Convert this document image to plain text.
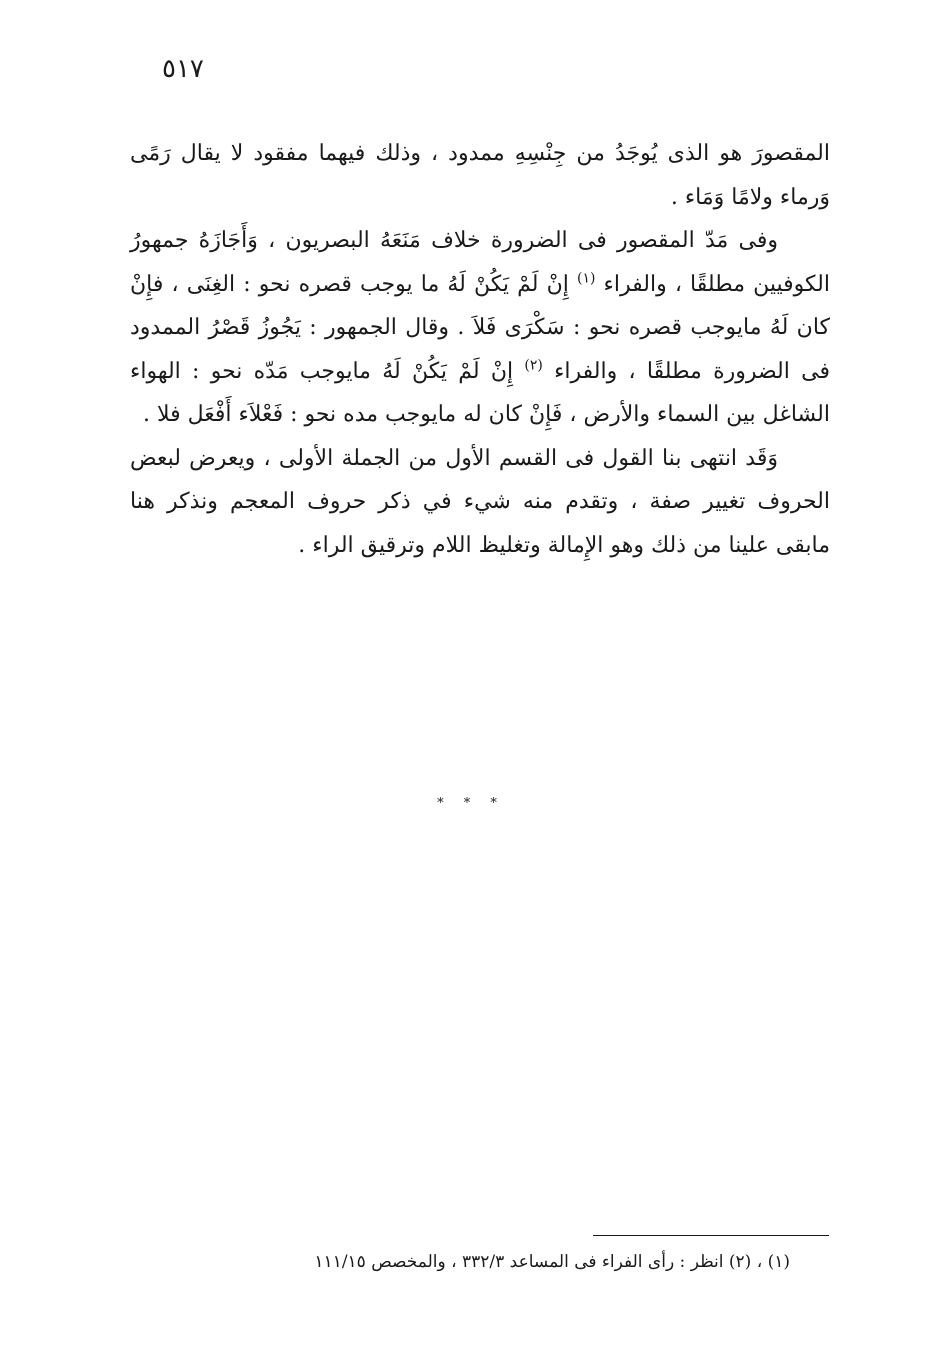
٥١٧

المقصورَ هو الذى يُوجَدُ من جِنْسِهِ ممدود ، وذلك فيهما مفقود لا يقال رَمًى وَرماء ولامًا وَمَاء .

وفى مَدّ المقصور فى الضرورة خلاف مَنَعَهُ البصريون ، وَأَجَازَهُ جمهورُ الكوفيين مطلقًا ، والفراء $^{(١)}$ إِنْ لَمْ يَكُنْ لَهُ ما يوجب قصره نحو : الغِنَى ، فإِنْ كان لَهُ مايوجب قصره نحو : سَكْرَى فَلاَ . وقال الجمهور : يَجُوزُ قَصْرُ الممدود فى الضرورة مطلقًا ، والفراء $^{(٢)}$ إِنْ لَمْ يَكُنْ لَهُ مايوجب مَدّه نحو : الهواء الشاغل بين السماء والأرض ، فَإِنْ كان له مايوجب مده نحو : فَعْلاَء أَفْعَل فلا .

وَقَد انتهى بنا القول فى القسم الأول من الجملة الأولى ، ويعرض لبعض الحروف تغيير صفة ، وتقدم منه شيء في ذكر حروف المعجم ونذكر هنا مابقى علينا من ذلك وهو الإِمالة وتغليظ اللام وترقيق الراء .

* * *
(١) ، (٢) انظر : رأى الفراء فى المساعد ٣٣٢/٣ ، والمخصص ١١١/١٥
